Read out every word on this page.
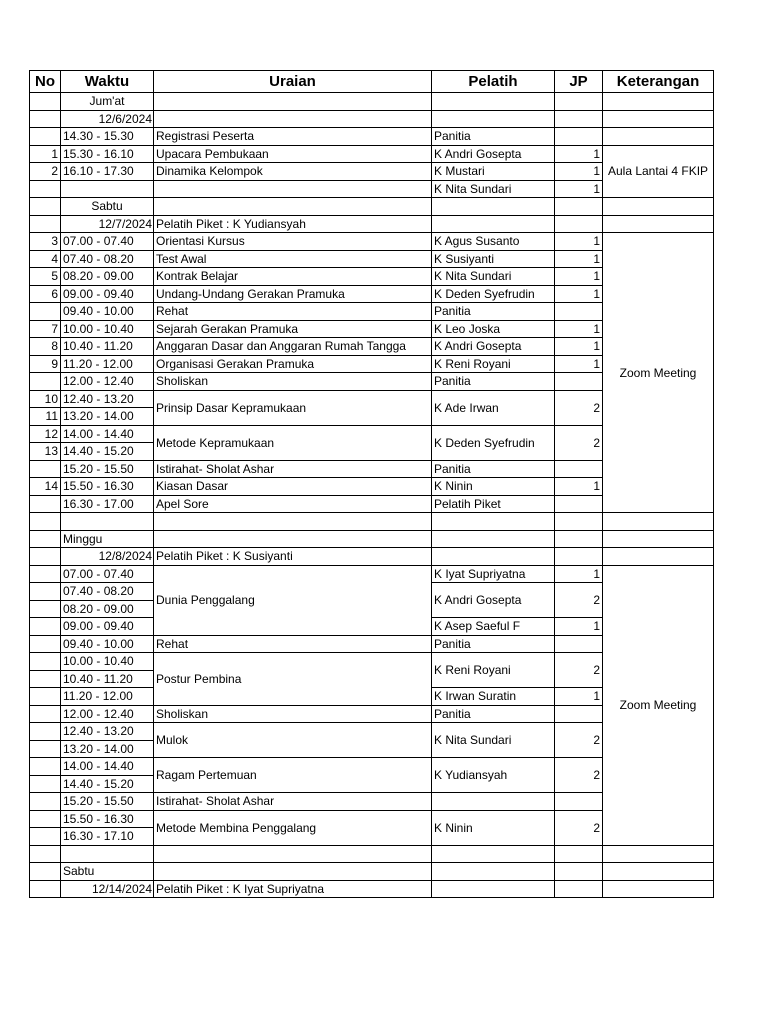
No	Waktu	Uraian	Pelatih	JP	Keterangan
	Jum'at				
	12/6/2024				
	14.30 - 15.30	Registrasi Peserta	Panitia		
1	15.30 - 16.10	Upacara Pembukaan	K Andri Gosepta	1	Aula Lantai 4 FKIP
2	16.10 - 17.30	Dinamika Kelompok	K Mustari	1	
			K Nita Sundari	1	
	Sabtu				
	12/7/2024	Pelatih Piket : K Yudiansyah			
3	07.00 - 07.40	Orientasi Kursus	K Agus Susanto	1	Zoom Meeting
4	07.40 - 08.20	Test Awal	K Susiyanti	1	
5	08.20 - 09.00	Kontrak Belajar	K Nita Sundari	1	
6	09.00 - 09.40	Undang-Undang Gerakan Pramuka	K Deden Syefrudin	1	
	09.40 - 10.00	Rehat	Panitia		
7	10.00 - 10.40	Sejarah Gerakan Pramuka	K Leo Joska	1	
8	10.40 - 11.20	Anggaran Dasar dan Anggaran Rumah Tangga	K Andri Gosepta	1	
9	11.20 - 12.00	Organisasi Gerakan Pramuka	K Reni Royani	1	
	12.00 - 12.40	Sholiskan	Panitia		
10	12.40 - 13.20	Prinsip Dasar Kepramukaan	K Ade Irwan	2	
11	13.20 - 14.00				
12	14.00 - 14.40	Metode Kepramukaan	K Deden Syefrudin	2	
13	14.40 - 15.20				
	15.20 - 15.50	Istirahat- Sholat Ashar	Panitia		
14	15.50 - 16.30	Kiasan Dasar	K Ninin	1	
	16.30 - 17.00	Apel Sore	Pelatih Piket		

	Minggu				
	12/8/2024	Pelatih Piket : K Susiyanti			
	07.00 - 07.40	Dunia Penggalang	K Iyat Supriyatna	1	Zoom Meeting
	07.40 - 08.20		K Andri Gosepta	2	
	08.20 - 09.00				
	09.00 - 09.40		K Asep Saeful F	1	
	09.40 - 10.00	Rehat	Panitia		
	10.00 - 10.40	Postur Pembina	K Reni Royani	2	
	10.40 - 11.20				
	11.20 - 12.00		K Irwan Suratin	1	
	12.00 - 12.40	Sholiskan	Panitia		
	12.40 - 13.20	Mulok	K Nita Sundari	2	
	13.20 - 14.00				
	14.00 - 14.40	Ragam Pertemuan	K Yudiansyah	2	
	14.40 - 15.20				
	15.20 - 15.50	Istirahat- Sholat Ashar			
	15.50 - 16.30	Metode Membina Penggalang	K Ninin	2	
	16.30 - 17.10				

	Sabtu				
	12/14/2024	Pelatih Piket : K Iyat Supriyatna			
